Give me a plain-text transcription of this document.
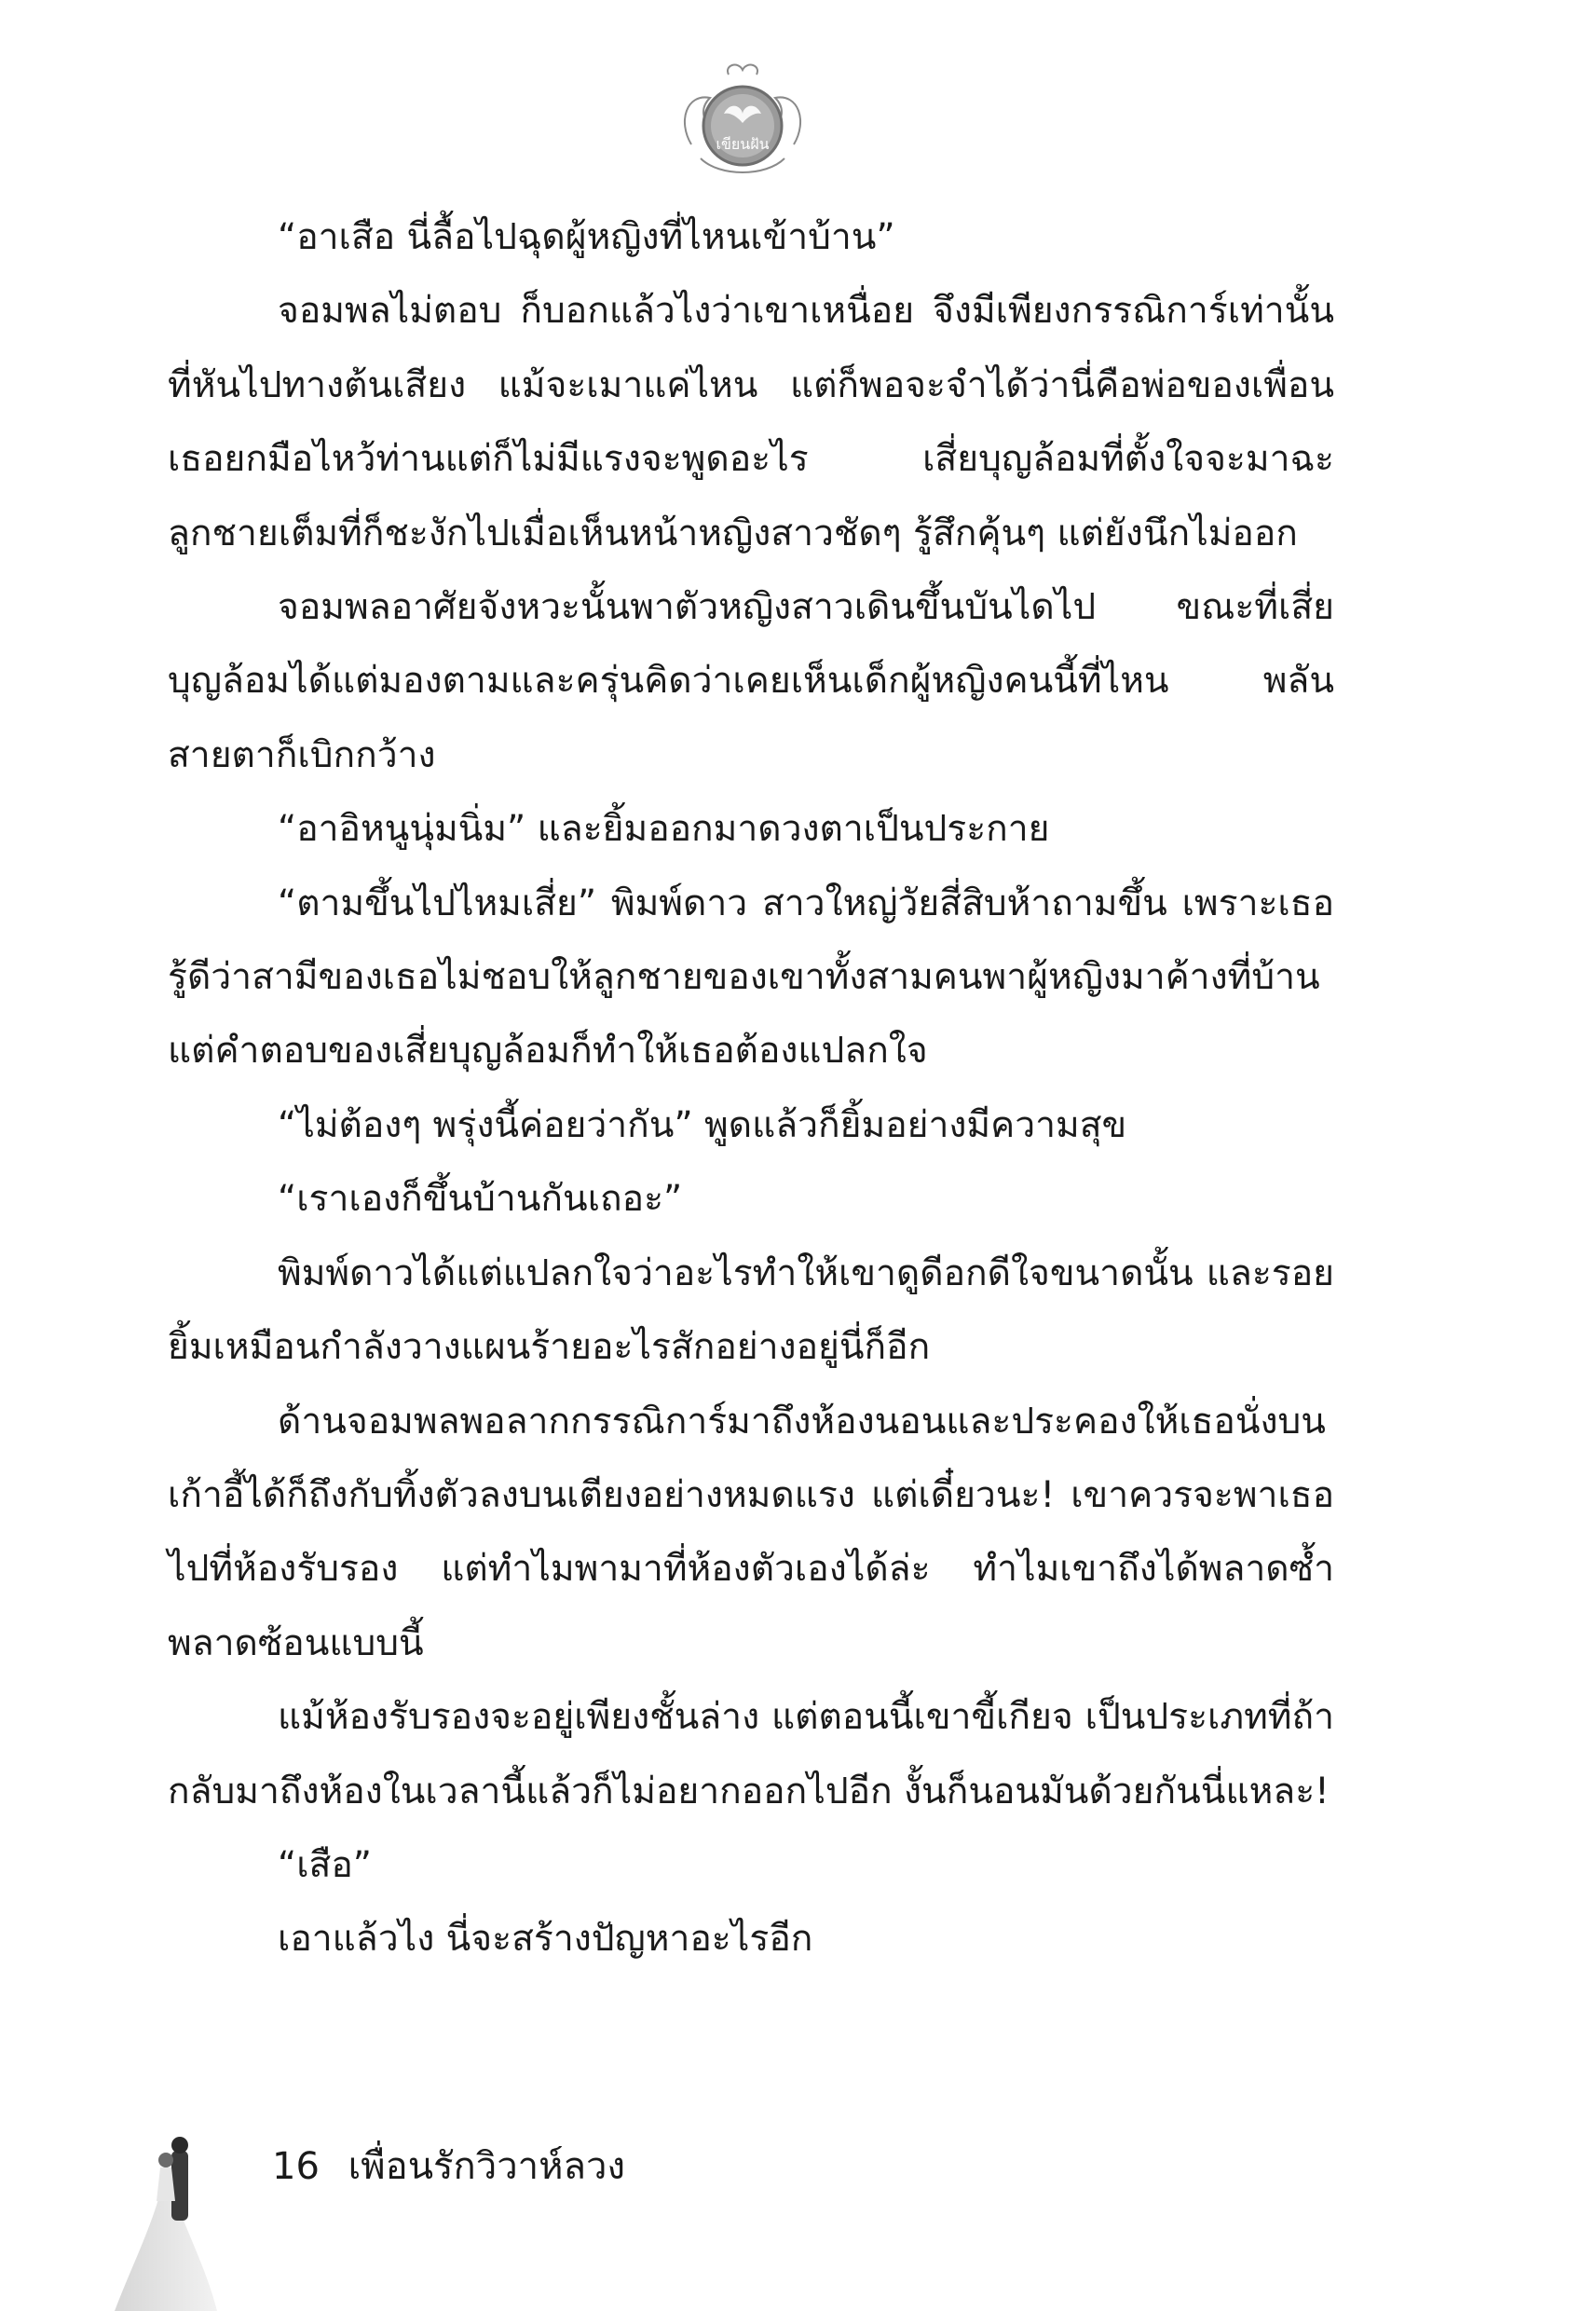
เขียนฝัน

“อาเสือ นี่ลื้อไปฉุดผู้หญิงที่ไหนเข้าบ้าน”

จอมพลไม่ตอบ ก็บอกแล้วไงว่าเขาเหนื่อย จึงมีเพียงกรรณิการ์เท่านั้นที่หันไปทางต้นเสียง แม้จะเมาแค่ไหน แต่ก็พอจะจำได้ว่านี่คือพ่อของเพื่อน เธอยกมือไหว้ท่านแต่ก็ไม่มีแรงจะพูดอะไร เสี่ยบุญล้อมที่ตั้งใจจะมาฉะลูกชายเต็มที่ก็ชะงักไปเมื่อเห็นหน้าหญิงสาวชัดๆ รู้สึกคุ้นๆ แต่ยังนึกไม่ออก

จอมพลอาศัยจังหวะนั้นพาตัวหญิงสาวเดินขึ้นบันไดไป ขณะที่เสี่ยบุญล้อมได้แต่มองตามและครุ่นคิดว่าเคยเห็นเด็กผู้หญิงคนนี้ที่ไหน พลันสายตาก็เบิกกว้าง

“อาอิหนูนุ่มนิ่ม” และยิ้มออกมาดวงตาเป็นประกาย

“ตามขึ้นไปไหมเสี่ย” พิมพ์ดาว สาวใหญ่วัยสี่สิบห้าถามขึ้น เพราะเธอรู้ดีว่าสามีของเธอไม่ชอบให้ลูกชายของเขาทั้งสามคนพาผู้หญิงมาค้างที่บ้าน แต่คำตอบของเสี่ยบุญล้อมก็ทำให้เธอต้องแปลกใจ

“ไม่ต้องๆ พรุ่งนี้ค่อยว่ากัน” พูดแล้วก็ยิ้มอย่างมีความสุข

“เราเองก็ขึ้นบ้านกันเถอะ”

พิมพ์ดาวได้แต่แปลกใจว่าอะไรทำให้เขาดูดีอกดีใจขนาดนั้น และรอยยิ้มเหมือนกำลังวางแผนร้ายอะไรสักอย่างอยู่นี่ก็อีก

ด้านจอมพลพอลากกรรณิการ์มาถึงห้องนอนและประคองให้เธอนั่งบนเก้าอี้ได้ก็ถึงกับทิ้งตัวลงบนเตียงอย่างหมดแรง แต่เดี๋ยวนะ! เขาควรจะพาเธอไปที่ห้องรับรอง แต่ทำไมพามาที่ห้องตัวเองได้ล่ะ ทำไมเขาถึงได้พลาดซ้ำพลาดซ้อนแบบนี้

แม้ห้องรับรองจะอยู่เพียงชั้นล่าง แต่ตอนนี้เขาขี้เกียจ เป็นประเภทที่ถ้ากลับมาถึงห้องในเวลานี้แล้วก็ไม่อยากออกไปอีก งั้นก็นอนมันด้วยกันนี่แหละ!

“เสือ”

เอาแล้วไง นี่จะสร้างปัญหาอะไรอีก

16 เพื่อนรักวิวาห์ลวง
